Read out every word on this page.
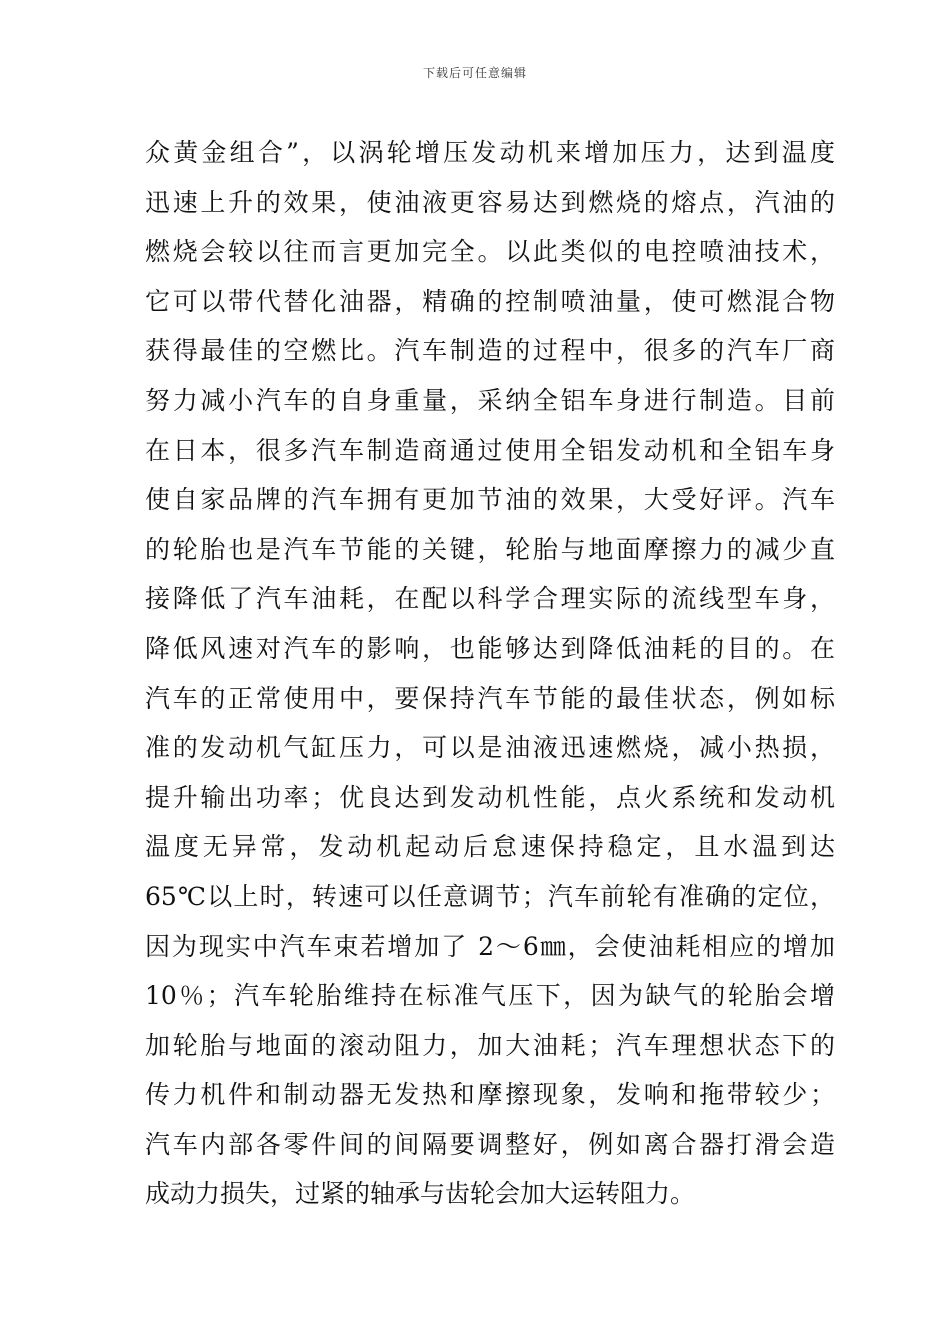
下载后可任意编辑
众黄金组合”，以涡轮增压发动机来增加压力，达到温度
迅速上升的效果，使油液更容易达到燃烧的熔点，汽油的
燃烧会较以往而言更加完全。以此类似的电控喷油技术，
它可以带代替化油器，精确的控制喷油量，使可燃混合物
获得最佳的空燃比。汽车制造的过程中，很多的汽车厂商
努力减小汽车的自身重量，采纳全铝车身进行制造。目前
在日本，很多汽车制造商通过使用全铝发动机和全铝车身
使自家品牌的汽车拥有更加节油的效果，大受好评。汽车
的轮胎也是汽车节能的关键，轮胎与地面摩擦力的减少直
接降低了汽车油耗，在配以科学合理实际的流线型车身，
降低风速对汽车的影响，也能够达到降低油耗的目的。在
汽车的正常使用中，要保持汽车节能的最佳状态，例如标
准的发动机气缸压力，可以是油液迅速燃烧，减小热损，
提升输出功率；优良达到发动机性能，点火系统和发动机
温度无异常，发动机起动后怠速保持稳定，且水温到达
65℃以上时，转速可以任意调节；汽车前轮有准确的定位，
因为现实中汽车束若增加了 2～6㎜，会使油耗相应的增加
10％；汽车轮胎维持在标准气压下，因为缺气的轮胎会增
加轮胎与地面的滚动阻力，加大油耗；汽车理想状态下的
传力机件和制动器无发热和摩擦现象，发响和拖带较少；
汽车内部各零件间的间隔要调整好，例如离合器打滑会造
成动力损失，过紧的轴承与齿轮会加大运转阻力。
